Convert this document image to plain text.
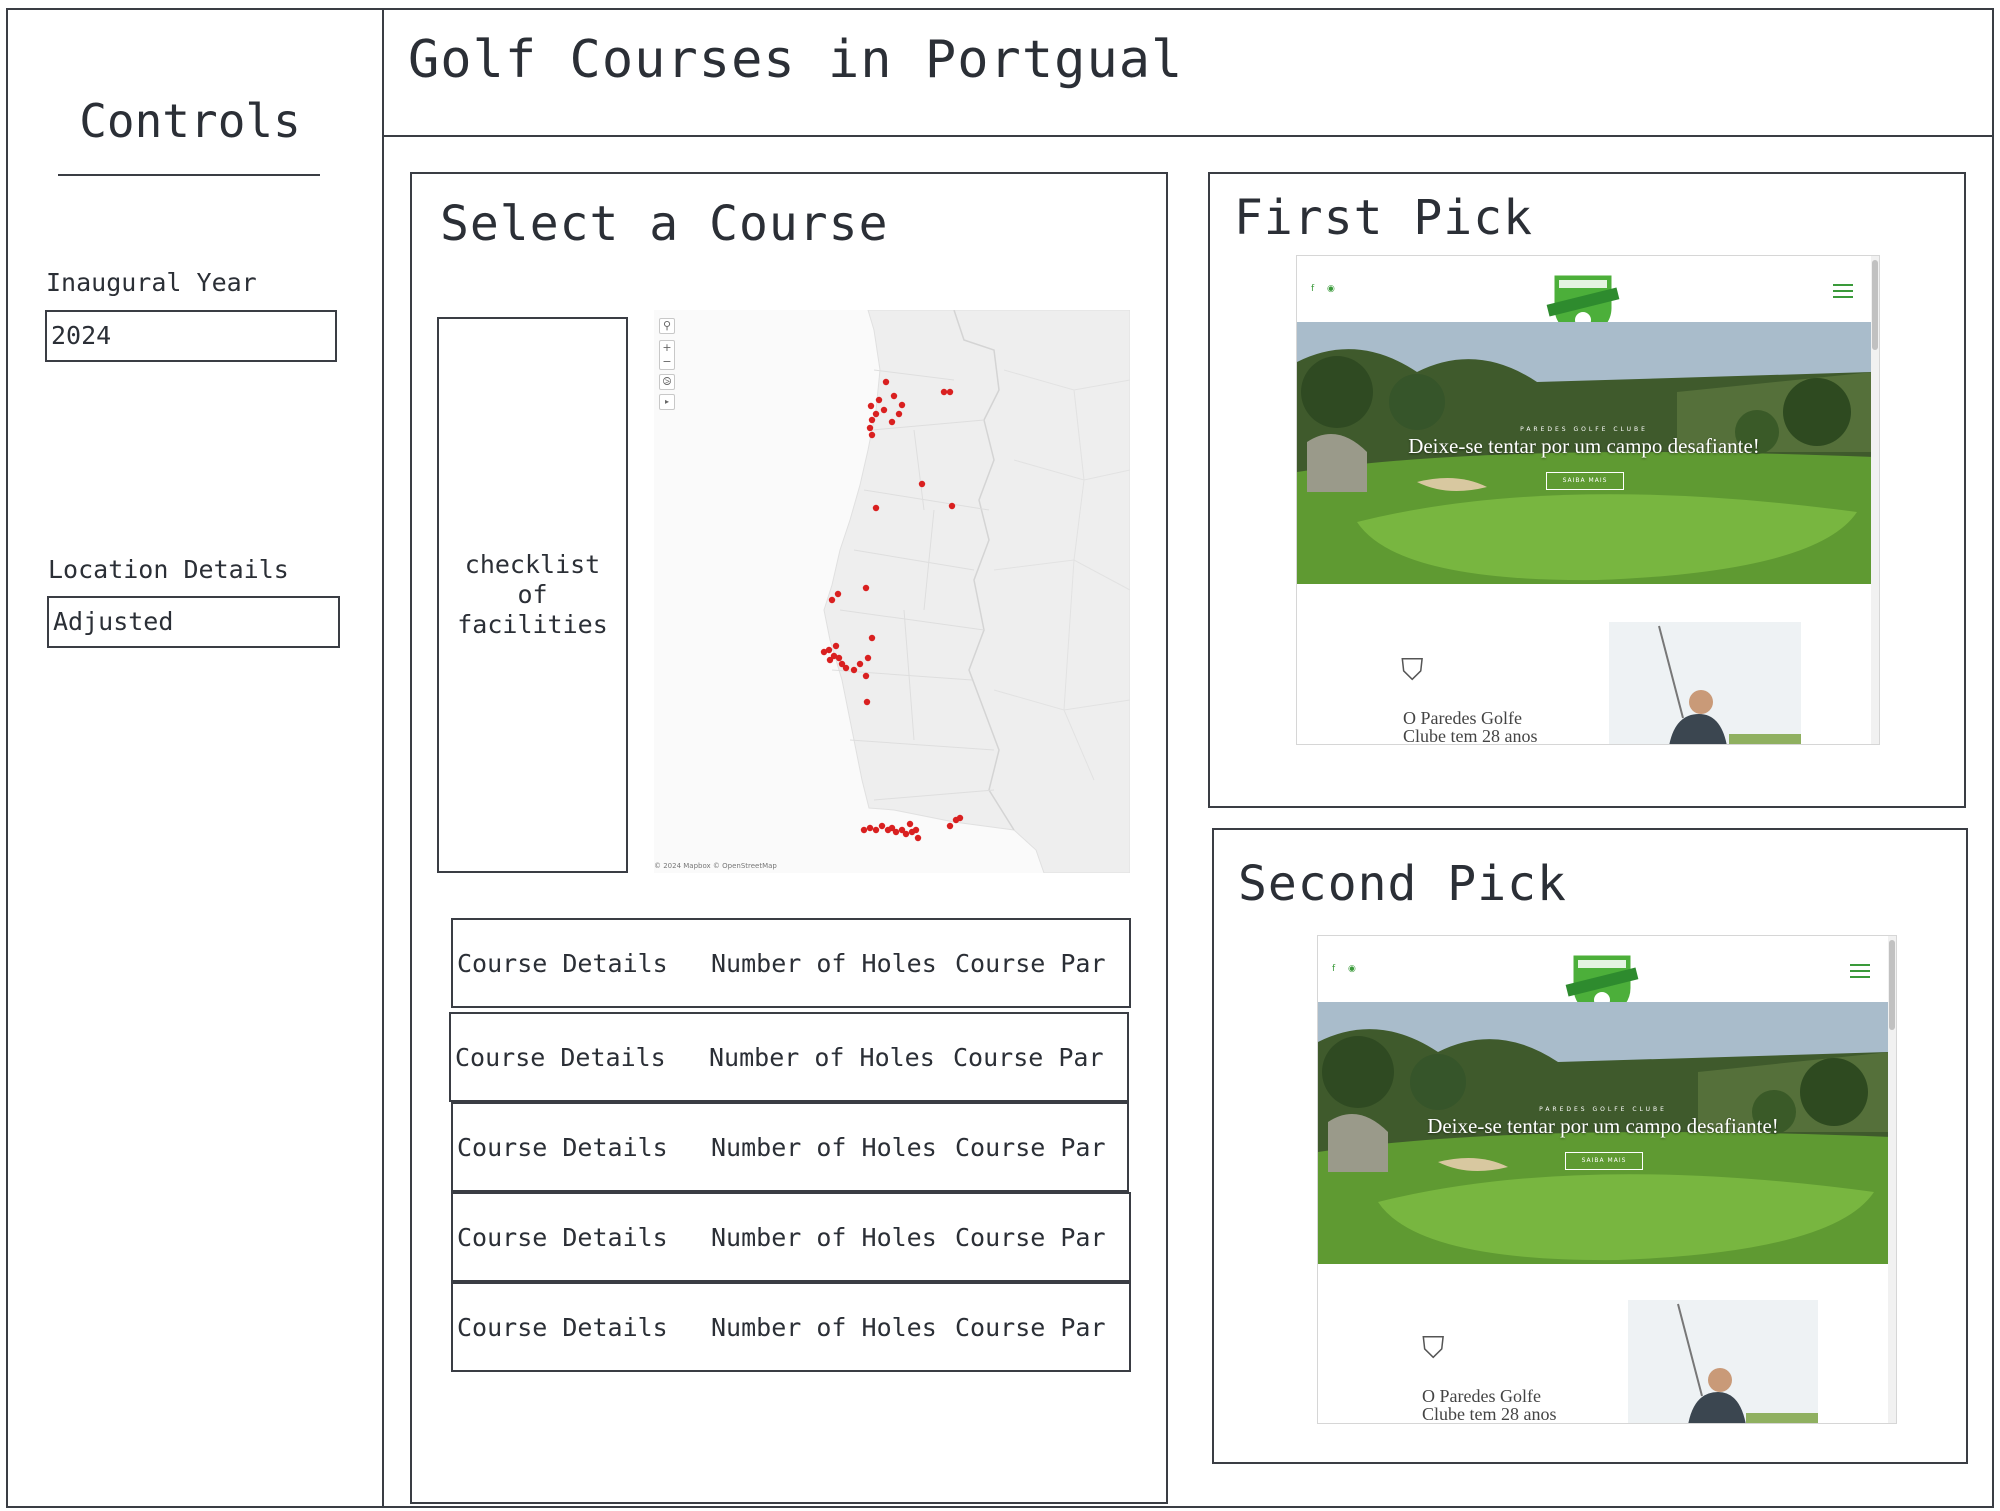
Controls
Inaugural Year
2024
Location Details
Adjusted
Golf Courses in Portgual
Select a Course
checklist of facilities
⚲
+
−
⧁
▸
© 2024 Mapbox © OpenStreetMap
Course Details Number of Holes Course Par
Course Details Number of Holes Course Par
Course Details Number of Holes Course Par
Course Details Number of Holes Course Par
Course Details Number of Holes Course Par
First Pick
f ◉
PAREDES GOLFE CLUBE
Deixe-se tentar por um campo desafiante!
SAIBA MAIS
⛉
O Paredes Golfe
Clube tem 28 anos
Second Pick
f ◉
PAREDES GOLFE CLUBE
Deixe-se tentar por um campo desafiante!
SAIBA MAIS
⛉
O Paredes Golfe
Clube tem 28 anos
